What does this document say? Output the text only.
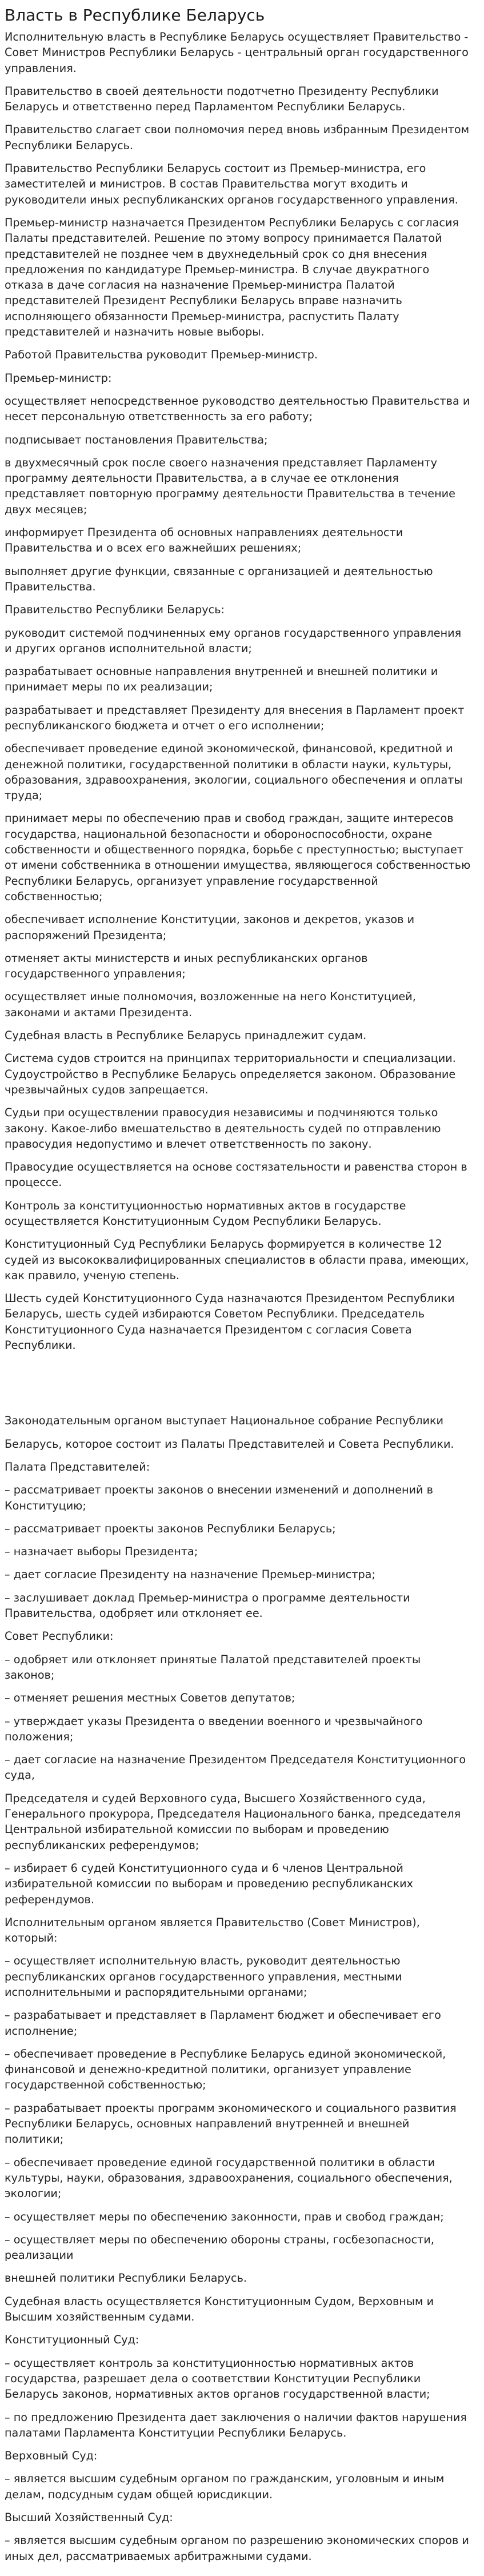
Власть в Республике Беларусь

Исполнительную власть в Республике Беларусь осуществляет Правительство - Совет Министров Республики Беларусь - центральный орган государственного управления.

Правительство в своей деятельности подотчетно Президенту Республики Беларусь и ответственно перед Парламентом Республики Беларусь.

Правительство слагает свои полномочия перед вновь избранным Президентом Республики Беларусь.

Правительство Республики Беларусь состоит из Премьер-министра, его заместителей и министров. В состав Правительства могут входить и руководители иных республиканских органов государственного управления.

Премьер-министр назначается Президентом Республики Беларусь с согласия Палаты представителей. Решение по этому вопросу принимается Палатой представителей не позднее чем в двухнедельный срок со дня внесения предложения по кандидатуре Премьер-министра. В случае двукратного отказа в даче согласия на назначение Премьер-министра Палатой представителей Президент Республики Беларусь вправе назначить исполняющего обязанности Премьер-министра, распустить Палату представителей и назначить новые выборы.

Работой Правительства руководит Премьер-министр.

Премьер-министр:

осуществляет непосредственное руководство деятельностью Правительства и несет персональную ответственность за его работу;

подписывает постановления Правительства;

в двухмесячный срок после своего назначения представляет Парламенту программу деятельности Правительства, а в случае ее отклонения представляет повторную программу деятельности Правительства в течение двух месяцев;

информирует Президента об основных направлениях деятельности Правительства и о всех его важнейших решениях;

выполняет другие функции, связанные с организацией и деятельностью Правительства.

Правительство Республики Беларусь:

руководит системой подчиненных ему органов государственного управления и других органов исполнительной власти;

разрабатывает основные направления внутренней и внешней политики и принимает меры по их реализации;

разрабатывает и представляет Президенту для внесения в Парламент проект республиканского бюджета и отчет о его исполнении;

обеспечивает проведение единой экономической, финансовой, кредитной и денежной политики, государственной политики в области науки, культуры, образования, здравоохранения, экологии, социального обеспечения и оплаты труда;

принимает меры по обеспечению прав и свобод граждан, защите интересов государства, национальной безопасности и обороноспособности, охране собственности и общественного порядка, борьбе с преступностью; выступает от имени собственника в отношении имущества, являющегося собственностью Республики Беларусь, организует управление государственной собственностью;

обеспечивает исполнение Конституции, законов и декретов, указов и распоряжений Президента;

отменяет акты министерств и иных республиканских органов государственного управления;

осуществляет иные полномочия, возложенные на него Конституцией, законами и актами Президента.

Судебная власть в Республике Беларусь принадлежит судам.

Система судов строится на принципах территориальности и специализации. Судоустройство в Республике Беларусь определяется законом. Образование чрезвычайных судов запрещается.

Судьи при осуществлении правосудия независимы и подчиняются только закону. Какое-либо вмешательство в деятельность судей по отправлению правосудия недопустимо и влечет ответственность по закону.

Правосудие осуществляется на основе состязательности и равенства сторон в процессе.

Контроль за конституционностью нормативных актов в государстве осуществляется Конституционным Судом Республики Беларусь.

Конституционный Суд Республики Беларусь формируется в количестве 12 судей из высококвалифицированных специалистов в области права, имеющих, как правило, ученую степень.

Шесть судей Конституционного Суда назначаются Президентом Республики Беларусь, шесть судей избираются Советом Республики. Председатель Конституционного Суда назначается Президентом с согласия Совета Республики.

Законодательным органом выступает Национальное собрание Республики

Беларусь, которое состоит из Палаты Представителей и Совета Республики.

Палата Представителей:

– рассматривает проекты законов о внесении изменений и дополнений в Конституцию;

– рассматривает проекты законов Республики Беларусь;

– назначает выборы Президента;

– дает согласие Президенту на назначение Премьер-министра;

– заслушивает доклад Премьер-министра о программе деятельности Правительства, одобряет или отклоняет ее.

Совет Республики:

– одобряет или отклоняет принятые Палатой представителей проекты законов;

– отменяет решения местных Советов депутатов;

– утверждает указы Президента о введении военного и чрезвычайного положения;

– дает согласие на назначение Президентом Председателя Конституционного суда,

Председателя и судей Верховного суда, Высшего Хозяйственного суда, Генерального прокурора, Председателя Национального банка, председателя Центральной избирательной комиссии по выборам и проведению республиканских референдумов;

– избирает 6 судей Конституционного суда и 6 членов Центральной избирательной комиссии по выборам и проведению республиканских референдумов.

Исполнительным органом является Правительство (Совет Министров), который:

– осуществляет исполнительную власть, руководит деятельностью республиканских органов государственного управления, местными исполнительными и распорядительными органами;

– разрабатывает и представляет в Парламент бюджет и обеспечивает его исполнение;

– обеспечивает проведение в Республике Беларусь единой экономической, финансовой и денежно-кредитной политики, организует управление государственной собственностью;

– разрабатывает проекты программ экономического и социального развития Республики Беларусь, основных направлений внутренней и внешней политики;

– обеспечивает проведение единой государственной политики в области культуры, науки, образования, здравоохранения, социального обеспечения, экологии;

– осуществляет меры по обеспечению законности, прав и свобод граждан;

– осуществляет меры по обеспечению обороны страны, госбезопасности, реализации

внешней политики Республики Беларусь.

Судебная власть осуществляется Конституционным Судом, Верховным и Высшим хозяйственным судами.

Конституционный Суд:

– осуществляет контроль за конституционностью нормативных актов государства, разрешает дела о соответствии Конституции Республики Беларусь законов, нормативных актов органов государственной власти;

– по предложению Президента дает заключения о наличии фактов нарушения палатами Парламента Конституции Республики Беларусь.

Верховный Суд:

– является высшим судебным органом по гражданским, уголовным и иным делам, подсудным судам общей юрисдикции.

Высший Хозяйственный Суд:

– является высшим судебным органом по разрешению экономических споров и иных дел, рассматриваемых арбитражными судами.
